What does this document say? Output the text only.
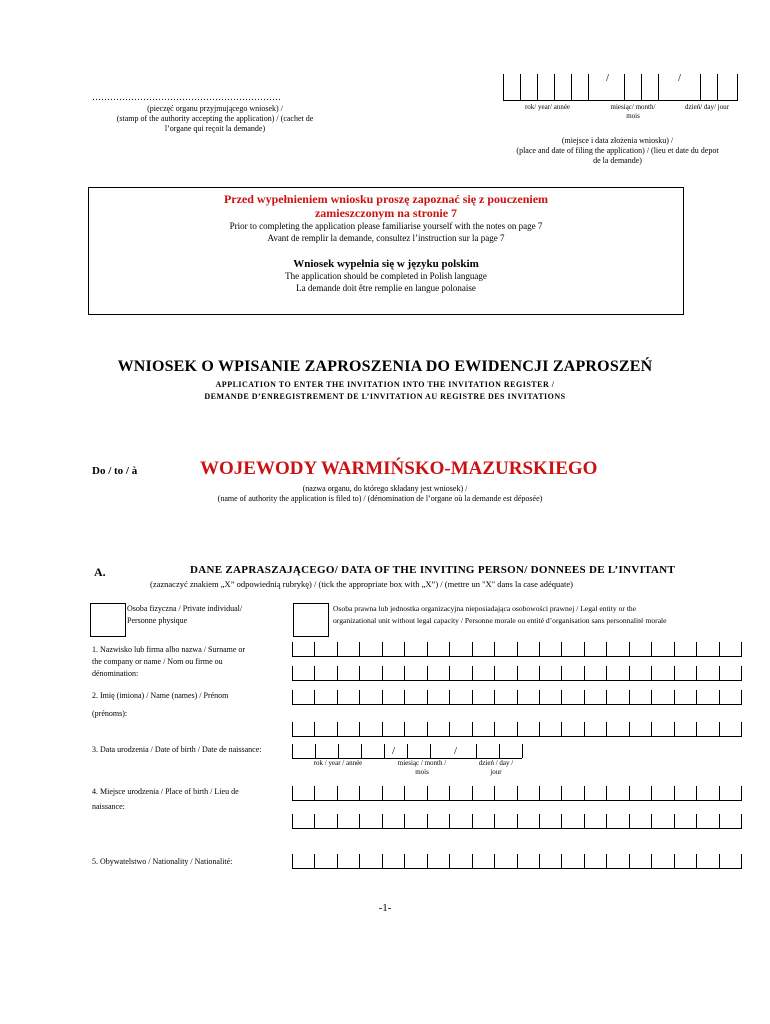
………………………………………………………
(pieczęć organu przyjmującego wniosek) /
(stamp of the authority accepting the application) / (cachet de
l’organe qui reçoit la demande)
/	/
rok/ year/ année	miesiąc/ month/
mois
dzień/ day/ jour
(miejsce i data złożenia wniosku) /
(place and date of filing the application) / (lieu et date du depot
de la demande)
Przed wypełnieniem wniosku proszę zapoznać się z pouczeniem
zamieszczonym na stronie 7
Prior to completing the application please familiarise yourself with the notes on page 7
Avant de remplir la demande, consultez l’instruction sur la page 7
Wniosek wypełnia się w języku polskim
The application should be completed in Polish language
La demande doit être remplie en langue polonaise
WNIOSEK O WPISANIE ZAPROSZENIA DO EWIDENCJI ZAPROSZEŃ
APPLICATION TO ENTER THE INVITATION INTO THE INVITATION REGISTER /
DEMANDE D’ENREGISTREMENT DE L’INVITATION AU REGISTRE DES INVITATIONS
Do / to / à	WOJEWODY WARMIŃSKO-MAZURSKIEGO
(nazwa organu, do którego składany jest wniosek) /
(name of authority the application is filed to) / (dénomination de l’organe où la demande est déposée)
A.	DANE ZAPRASZAJĄCEGO/ DATA OF THE INVITING PERSON/ DONNEES DE L’INVITANT
(zaznaczyć znakiem „X” odpowiednią rubrykę) / (tick the appropriate box with „X”) / (mettre un "X" dans la case adéquate)
Osoba fizyczna / Private individual/
Personne physique
Osoba prawna lub jednostka organizacyjna nieposiadająca osobowości prawnej / Legal entity or the
organizational unit without legal capacity / Personne morale ou entité d’organisation sans personnalité morale
1. Nazwisko lub firma albo nazwa / Surname or
the company or name / Nom ou firme ou
dénomination:
2. Imię (imiona) / Name (names) / Prénom
(prénoms):
3. Data urodzenia / Date of birth / Date de naissance:	/	/
rok / year / année	miesiąc / month /
mois
dzień / day /
jour
4. Miejsce urodzenia / Place of birth / Lieu de
naissance:
5. Obywatelstwo / Nationality / Nationalité:
-1-
